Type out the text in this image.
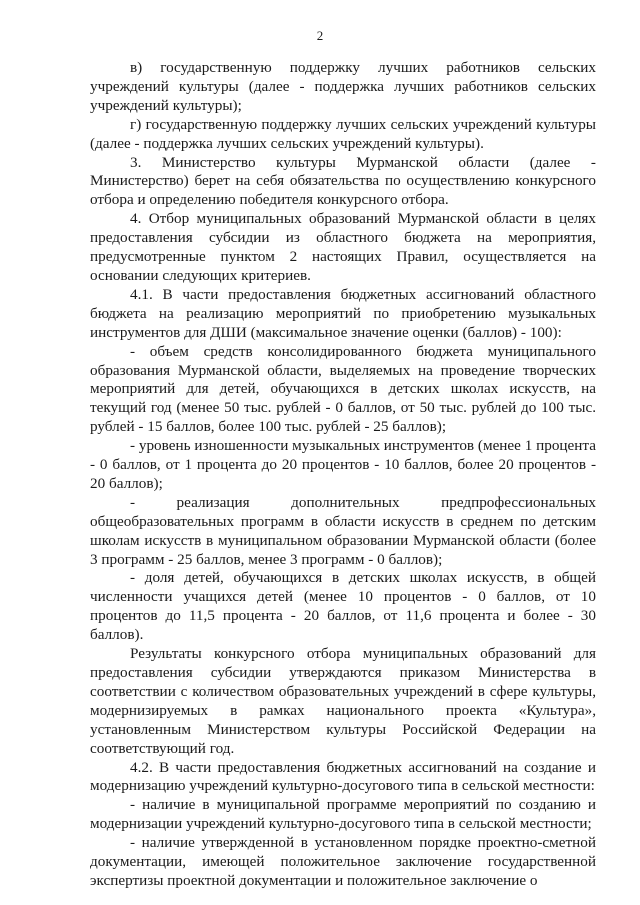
2

в) государственную поддержку лучших работников сельских учреждений культуры (далее - поддержка лучших работников сельских учреждений культуры);

г) государственную поддержку лучших сельских учреждений культуры (далее - поддержка лучших сельских учреждений культуры).

3. Министерство культуры Мурманской области (далее - Министерство) берет на себя обязательства по осуществлению конкурсного отбора и определению победителя конкурсного отбора.

4. Отбор муниципальных образований Мурманской области в целях предоставления субсидии из областного бюджета на мероприятия, предусмотренные пунктом 2 настоящих Правил, осуществляется на основании следующих критериев.

4.1. В части предоставления бюджетных ассигнований областного бюджета на реализацию мероприятий по приобретению музыкальных инструментов для ДШИ (максимальное значение оценки (баллов) - 100):

- объем средств консолидированного бюджета муниципального образования Мурманской области, выделяемых на проведение творческих мероприятий для детей, обучающихся в детских школах искусств, на текущий год (менее 50 тыс. рублей - 0 баллов, от 50 тыс. рублей до 100 тыс. рублей - 15 баллов, более 100 тыс. рублей - 25 баллов);

- уровень изношенности музыкальных инструментов (менее 1 процента - 0 баллов, от 1 процента до 20 процентов - 10 баллов, более 20 процентов - 20 баллов);

- реализация дополнительных предпрофессиональных общеобразовательных программ в области искусств в среднем по детским школам искусств в муниципальном образовании Мурманской области (более 3 программ - 25 баллов, менее 3 программ - 0 баллов);

- доля детей, обучающихся в детских школах искусств, в общей численности учащихся детей (менее 10 процентов - 0 баллов, от 10 процентов до 11,5 процента - 20 баллов, от 11,6 процента и более - 30 баллов).

Результаты конкурсного отбора муниципальных образований для предоставления субсидии утверждаются приказом Министерства в соответствии с количеством образовательных учреждений в сфере культуры, модернизируемых в рамках национального проекта «Культура», установленным Министерством культуры Российской Федерации на соответствующий год.

4.2. В части предоставления бюджетных ассигнований на создание и модернизацию учреждений культурно-досугового типа в сельской местности:

- наличие в муниципальной программе мероприятий по созданию и модернизации учреждений культурно-досугового типа в сельской местности;

- наличие утвержденной в установленном порядке проектно-сметной документации, имеющей положительное заключение государственной экспертизы проектной документации и положительное заключение о
